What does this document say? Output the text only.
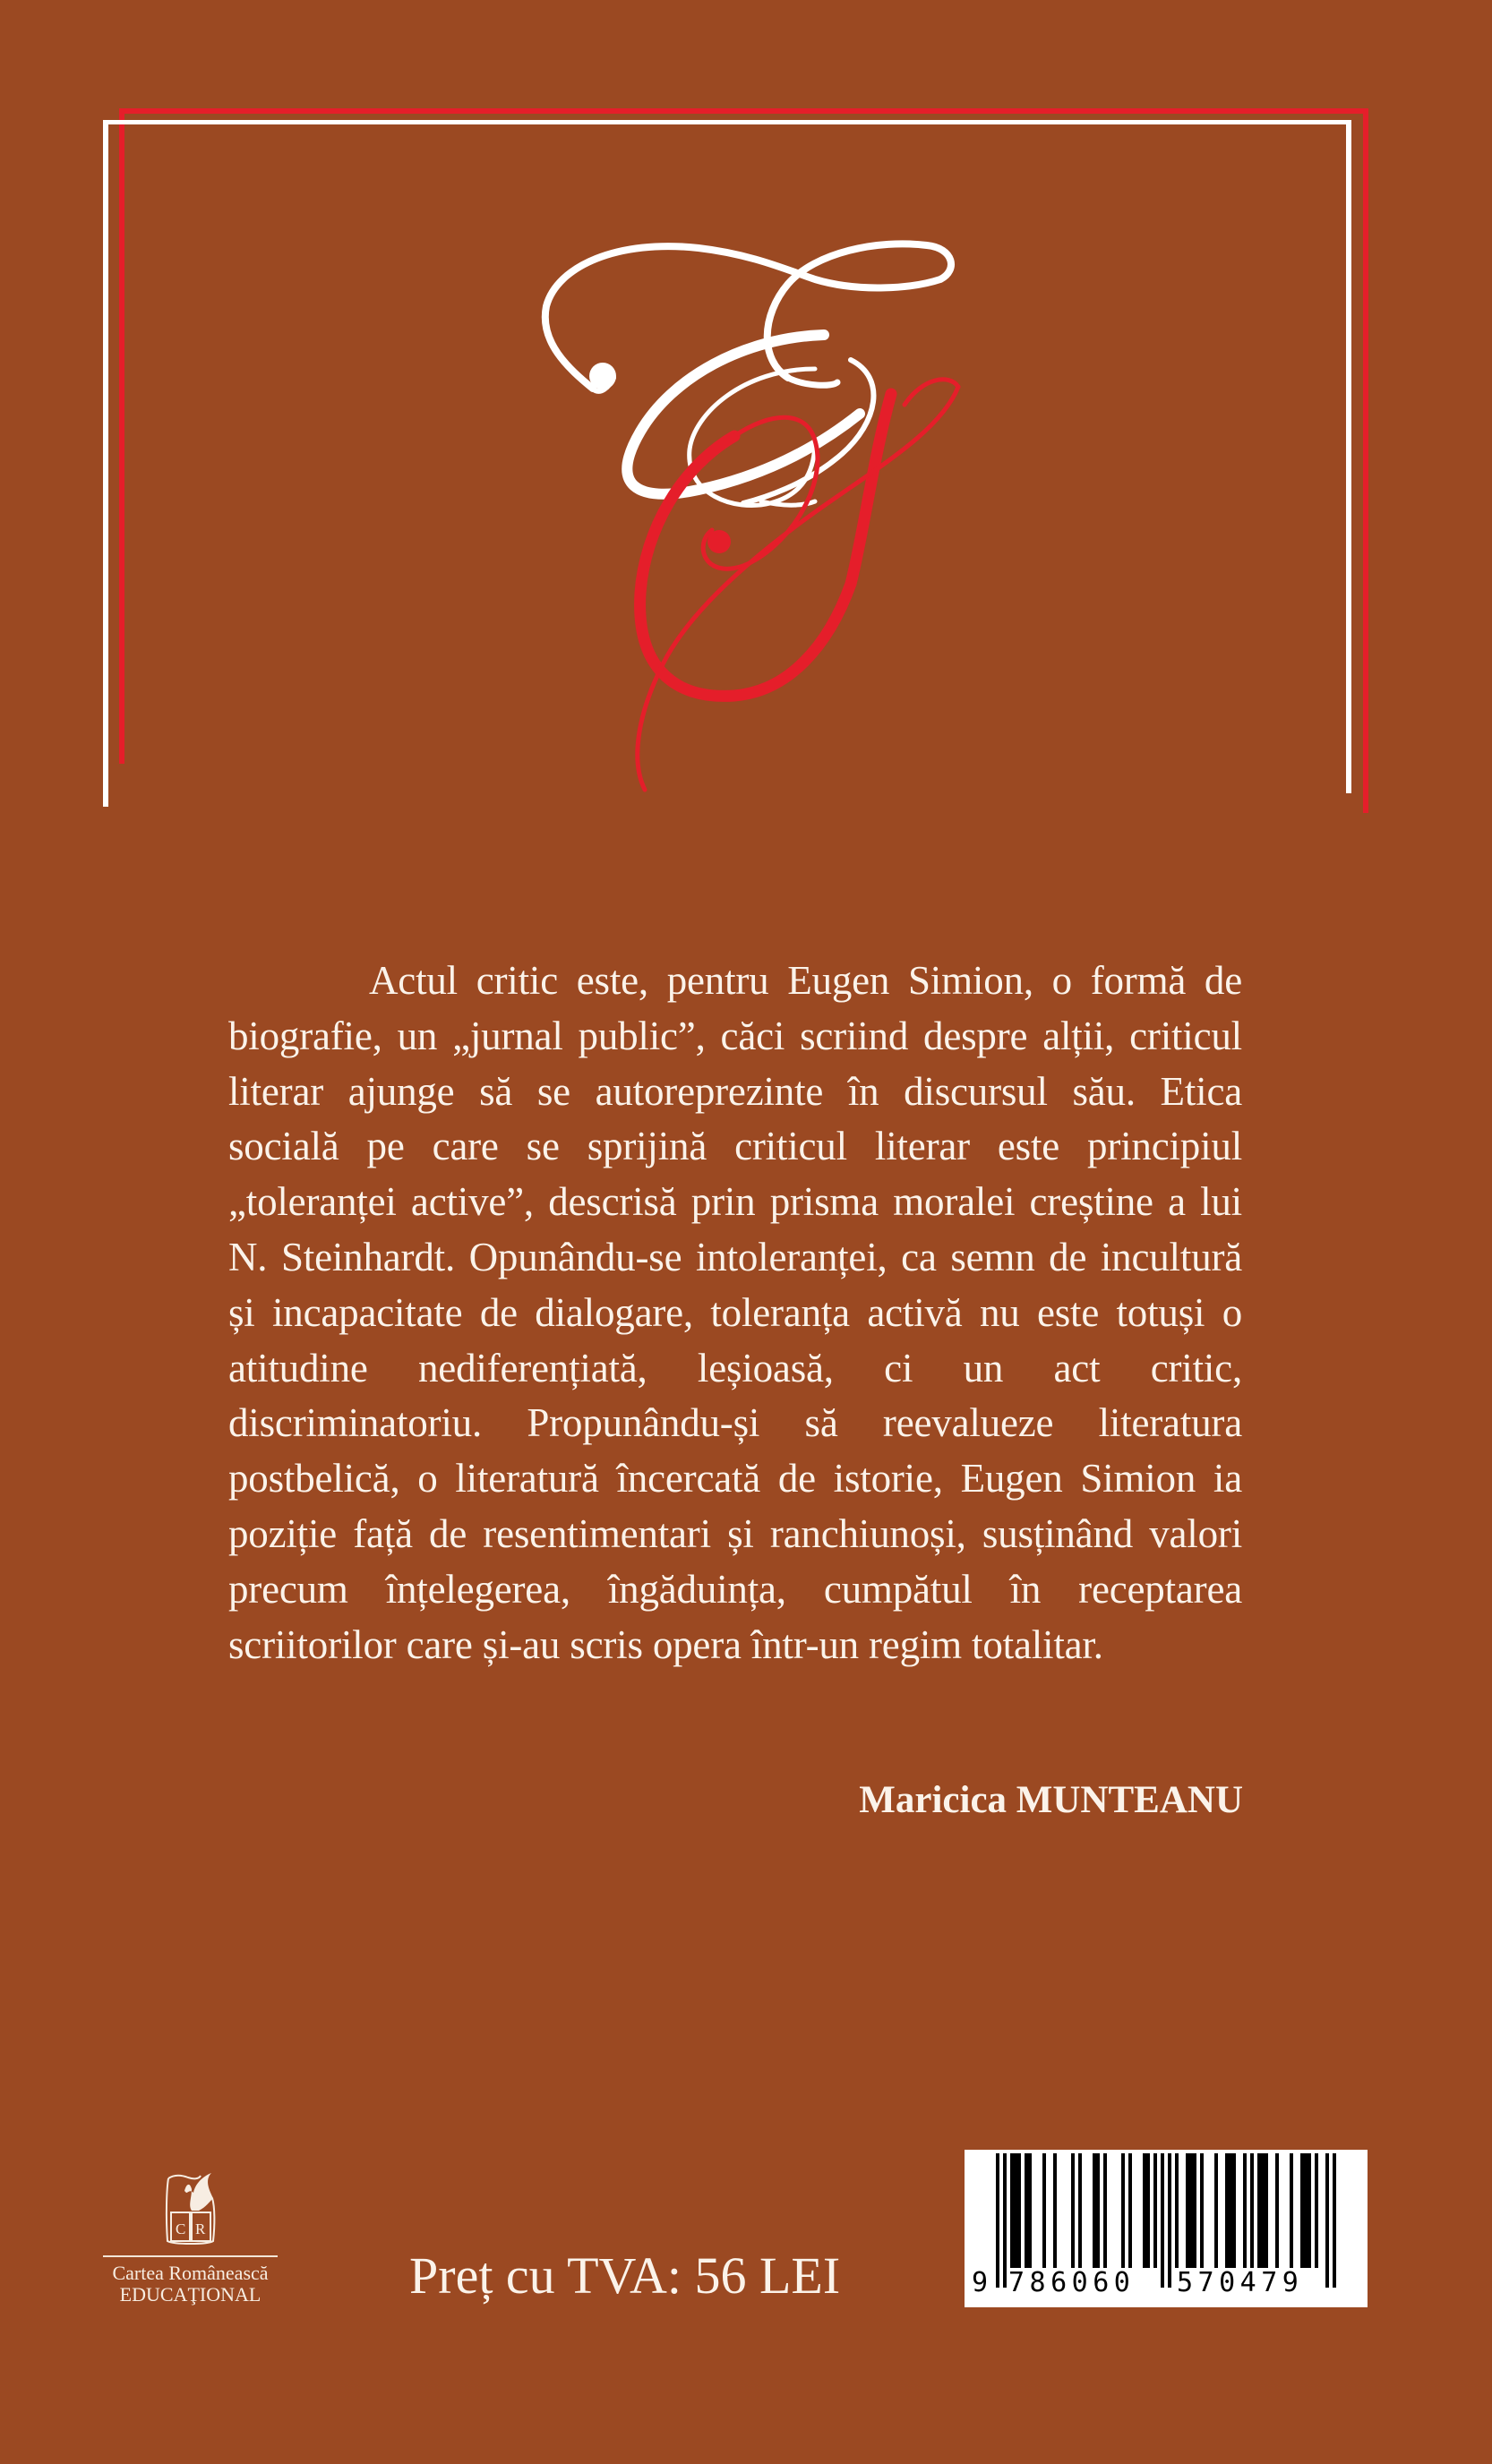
Actul critic este, pentru Eugen Simion, o formă de biografie, un „jurnal public”, căci scriind despre alții, criticul literar ajunge să se autoreprezinte în discursul său. Etica socială pe care se sprijină criticul literar este principiul „toleranței active”, descrisă prin prisma moralei creștine a lui N. Steinhardt. Opunându-se intoleranței, ca semn de incultură și incapacitate de dialogare, toleranța activă nu este totuși o atitudine nediferențiată, leșioasă, ci un act critic, discriminatoriu. Propunându-și să reevalueze literatura postbelică, o literatură încercată de istorie, Eugen Simion ia poziție față de resentimentari și ranchiunoși, susținând valori precum înțelegerea, îngăduința, cumpătul în receptarea scriitorilor care și-au scris opera într-un regim totalitar.

Maricica MUNTEANU
C R
Cartea Românească
EDUCAŢIONAL	Preț cu TVA: 56 LEI	9 786060 570479
